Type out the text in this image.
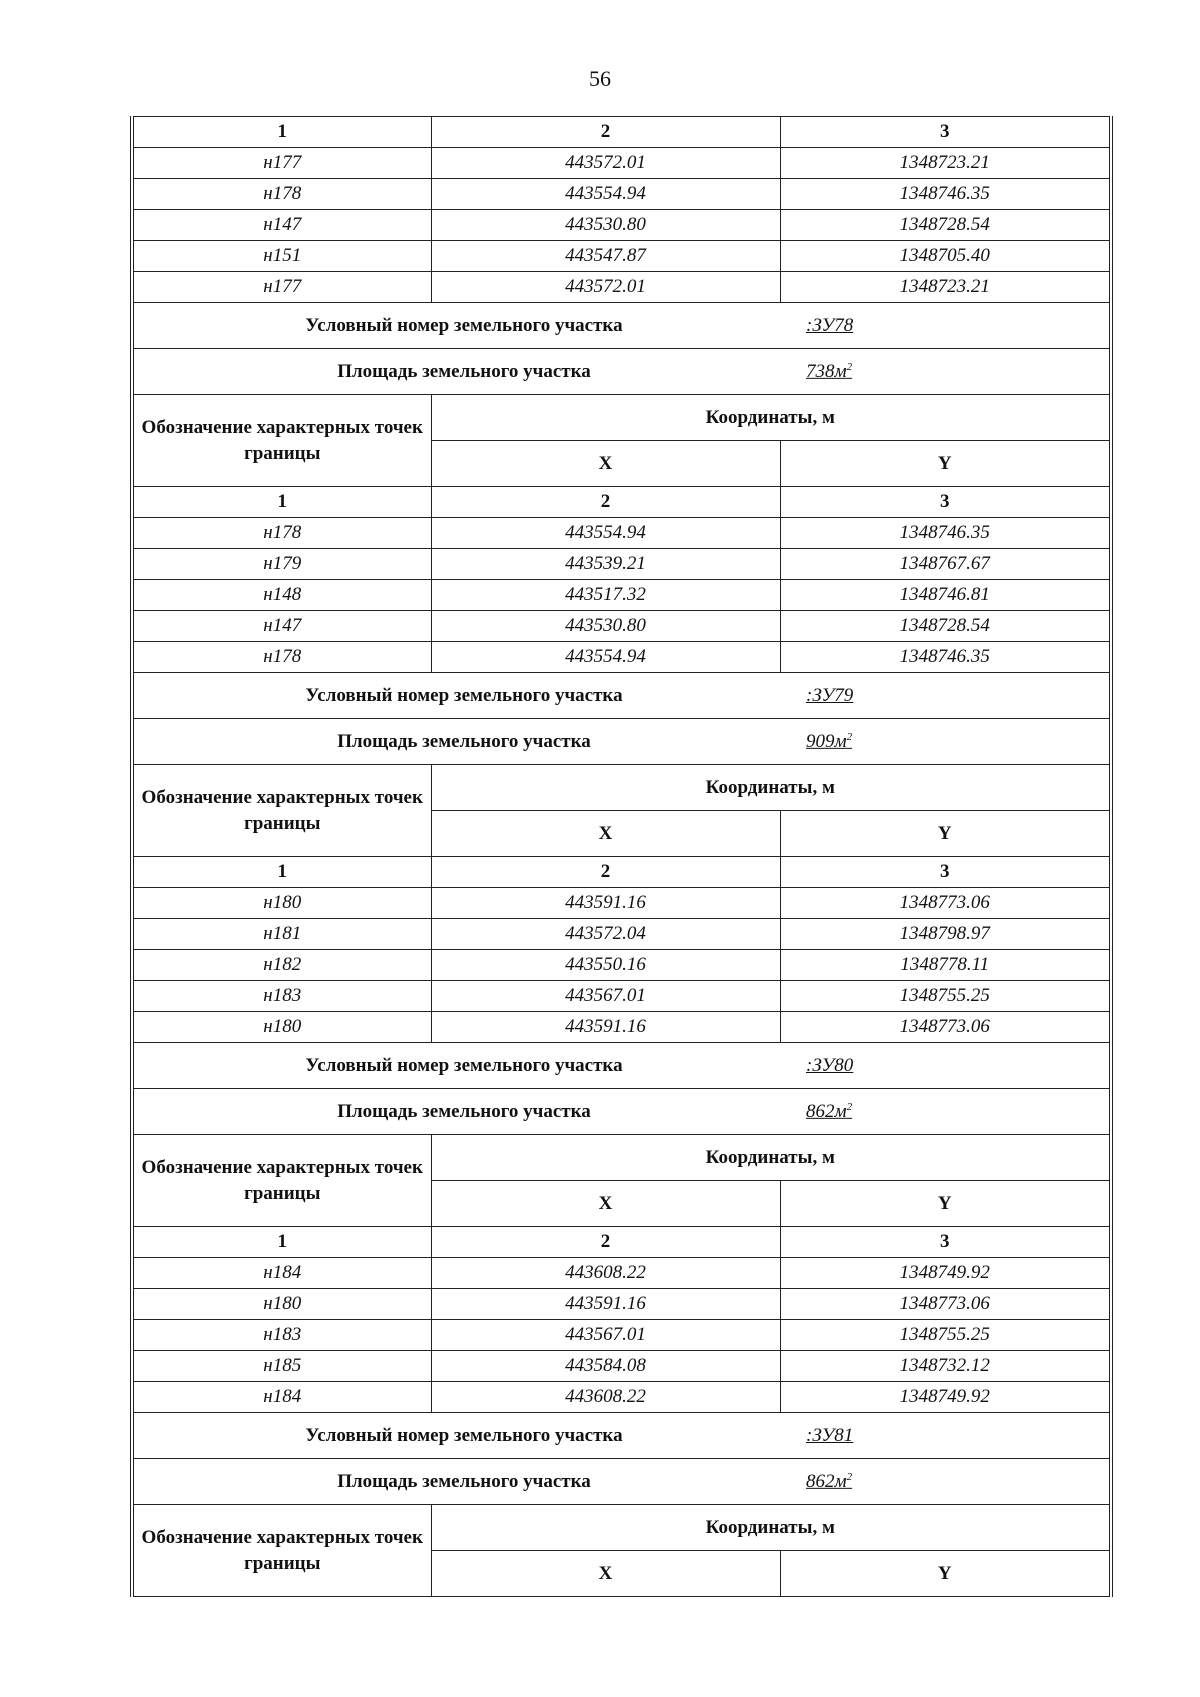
56
1	2	3
н177	443572.01	1348723.21
н178	443554.94	1348746.35
н147	443530.80	1348728.54
н151	443547.87	1348705.40
н177	443572.01	1348723.21

Условный номер земельного участка :ЗУ78		

Площадь земельного участка $738м^2$

Обозначение характерных точек границы	Координаты, м	
	X	Y
1	2	3
н178	443554.94	1348746.35
н179	443539.21	1348767.67
н148	443517.32	1348746.81
н147	443530.80	1348728.54
н178	443554.94	1348746.35

Условный номер земельного участка :ЗУ79		

Площадь земельного участка $909м^2$

Обозначение характерных точек границы	Координаты, м	
	X	Y
1	2	3
н180	443591.16	1348773.06
н181	443572.04	1348798.97
н182	443550.16	1348778.11
н183	443567.01	1348755.25
н180	443591.16	1348773.06

Условный номер земельного участка :ЗУ80		

Площадь земельного участка $862м^2$

Обозначение характерных точек границы	Координаты, м	
	X	Y
1	2	3
н184	443608.22	1348749.92
н180	443591.16	1348773.06
н183	443567.01	1348755.25
н185	443584.08	1348732.12
н184	443608.22	1348749.92

Условный номер земельного участка :ЗУ81		

Площадь земельного участка $862м^2$

Обозначение характерных точек границы	Координаты, м	
	X	Y
